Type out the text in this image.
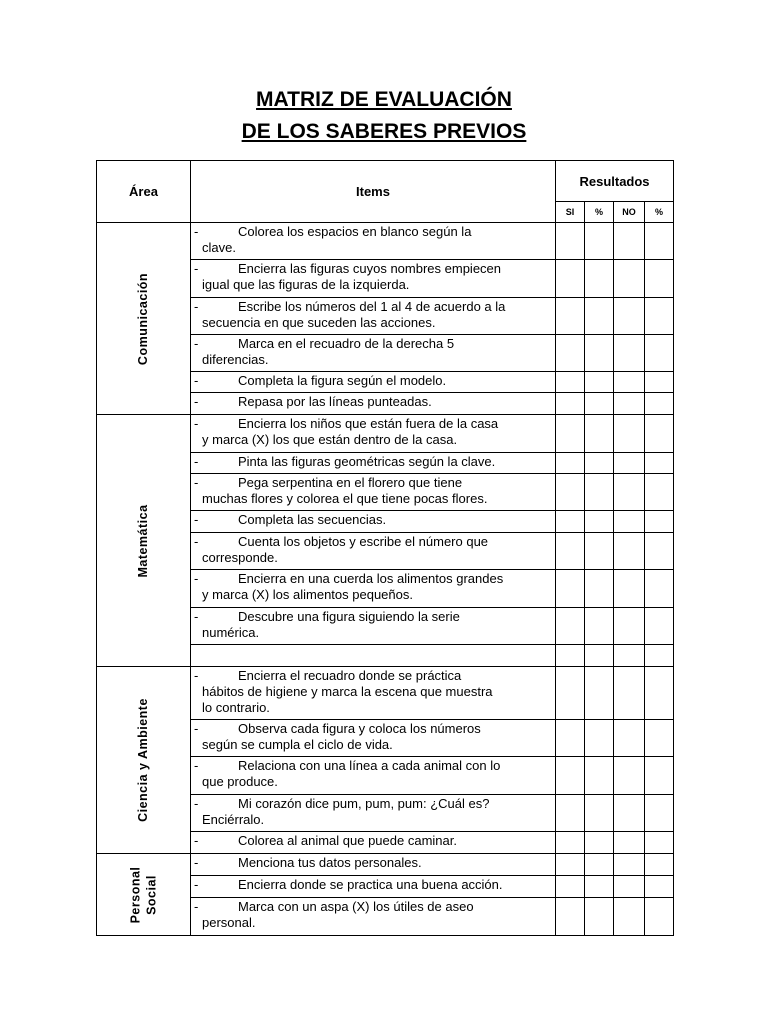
MATRIZ DE EVALUACIÓN
DE LOS SABERES PREVIOS
Área	Items	Resultados			
		SI	%	NO	%

Comunicación	- Colorea los espacios en blanco según la
clave.				

	- Encierra las figuras cuyos nombres empiecen
igual que las figuras de la izquierda.				

	- Escribe los números del 1 al 4 de acuerdo a la
secuencia en que suceden las acciones.				

	- Marca en el recuadro de la derecha 5
diferencias.				

	- Completa la figura según el modelo.				
	- Repasa por las líneas punteadas.				

Matemática	- Encierra los niños que están fuera de la casa
y marca (X) los que están dentro de la casa.				

	- Pinta las figuras geométricas según la clave.				
	- Pega serpentina en el florero que tiene
muchas flores y colorea el que tiene pocas flores.				

	- Completa las secuencias.				
	- Cuenta los objetos y escribe el número que
corresponde.				

	- Encierra en una cuerda los alimentos grandes
y marca (X) los alimentos pequeños.				

	- Descubre una figura siguiendo la serie
numérica.				

Ciencia y Ambiente	- Encierra el recuadro donde se práctica
hábitos de higiene y marca la escena que muestra
lo contrario.				

	- Observa cada figura y coloca los números
según se cumpla el ciclo de vida.				

	- Relaciona con una línea a cada animal con lo
que produce.				

	- Mi corazón dice pum, pum, pum: ¿Cuál es?
Enciérralo.				

	- Colorea al animal que puede caminar.				

Personal Social	- Menciona tus datos personales.				
	- Encierra donde se practica una buena acción.				
	- Marca con un aspa (X) los útiles de aseo
personal.				
